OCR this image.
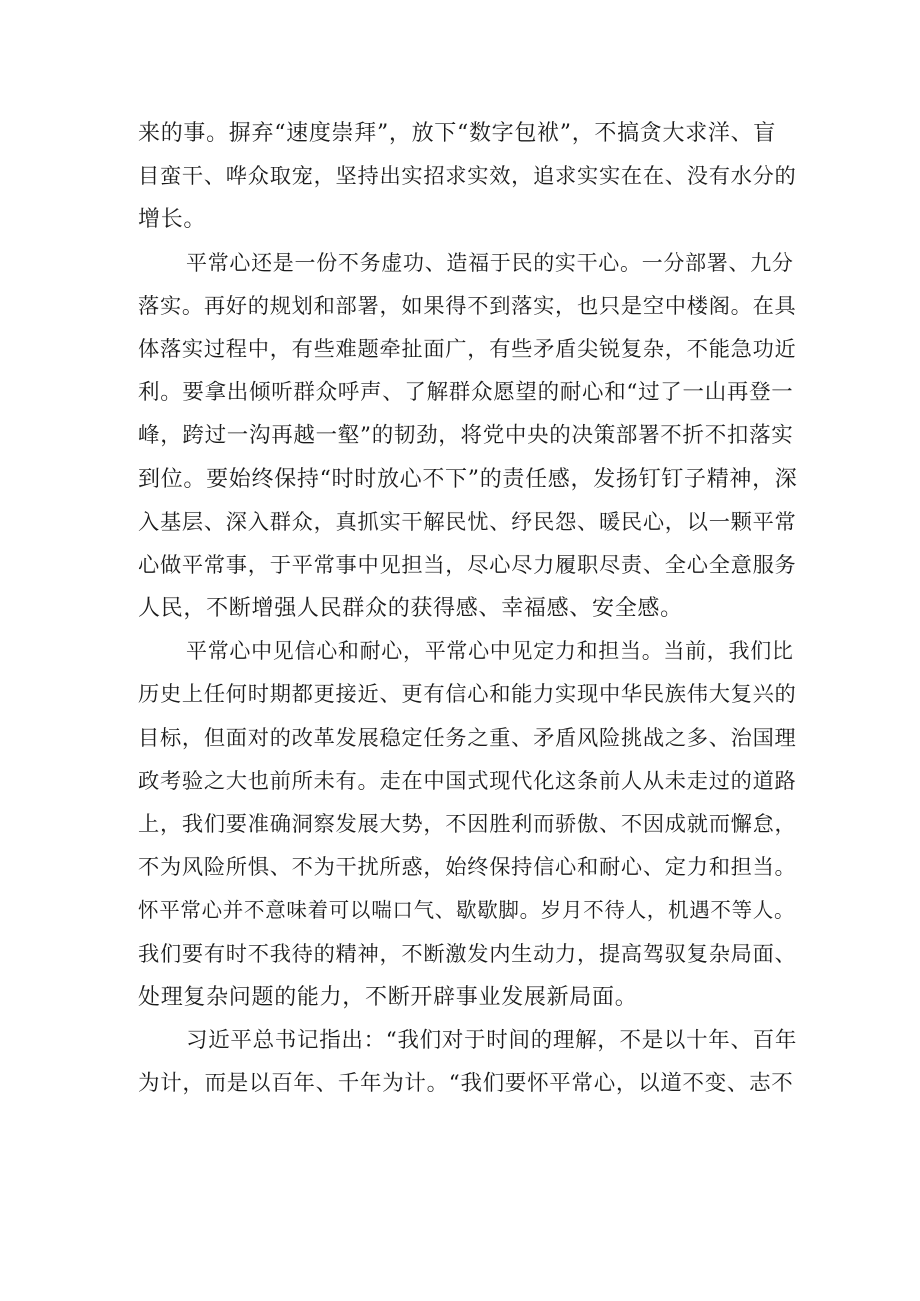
来的事。摒弃“速度崇拜”，放下“数字包袱”，不搞贪大求洋、盲
目蛮干、哗众取宠，坚持出实招求实效，追求实实在在、没有水分的
增长。
平常心还是一份不务虚功、造福于民的实干心。一分部署、九分
落实。再好的规划和部署，如果得不到落实，也只是空中楼阁。在具
体落实过程中，有些难题牵扯面广，有些矛盾尖锐复杂，不能急功近
利。要拿出倾听群众呼声、了解群众愿望的耐心和“过了一山再登一
峰，跨过一沟再越一壑”的韧劲，将党中央的决策部署不折不扣落实
到位。要始终保持“时时放心不下”的责任感，发扬钉钉子精神，深
入基层、深入群众，真抓实干解民忧、纾民怨、暖民心，以一颗平常
心做平常事，于平常事中见担当，尽心尽力履职尽责、全心全意服务
人民，不断增强人民群众的获得感、幸福感、安全感。
平常心中见信心和耐心，平常心中见定力和担当。当前，我们比
历史上任何时期都更接近、更有信心和能力实现中华民族伟大复兴的
目标，但面对的改革发展稳定任务之重、矛盾风险挑战之多、治国理
政考验之大也前所未有。走在中国式现代化这条前人从未走过的道路
上，我们要准确洞察发展大势，不因胜利而骄傲、不因成就而懈怠，
不为风险所惧、不为干扰所惑，始终保持信心和耐心、定力和担当。
怀平常心并不意味着可以喘口气、歇歇脚。岁月不待人，机遇不等人。
我们要有时不我待的精神，不断激发内生动力，提高驾驭复杂局面、
处理复杂问题的能力，不断开辟事业发展新局面。
习近平总书记指出：“我们对于时间的理解，不是以十年、百年
为计，而是以百年、千年为计。“我们要怀平常心，以道不变、志不
